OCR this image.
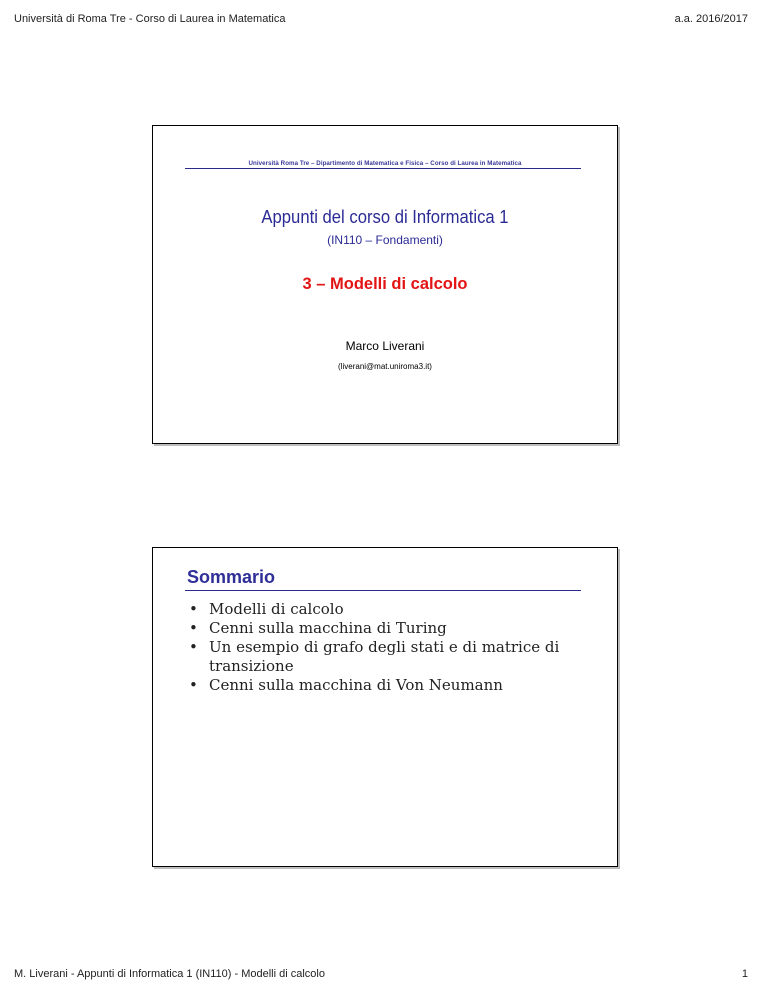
Università di Roma Tre - Corso di Laurea in Matematica	a.a. 2016/2017
Università Roma Tre – Dipartimento di Matematica e Fisica – Corso di Laurea in Matematica
Appunti del corso di Informatica 1
(IN110 – Fondamenti)
3 – Modelli di calcolo
Marco Liverani
(liverani@mat.uniroma3.it)
Sommario
• Modelli di calcolo
• Cenni sulla macchina di Turing
• Un esempio di grafo degli stati e di matrice di transizione
• Cenni sulla macchina di Von Neumann
M. Liverani - Appunti di Informatica 1 (IN110) - Modelli di calcolo	1
